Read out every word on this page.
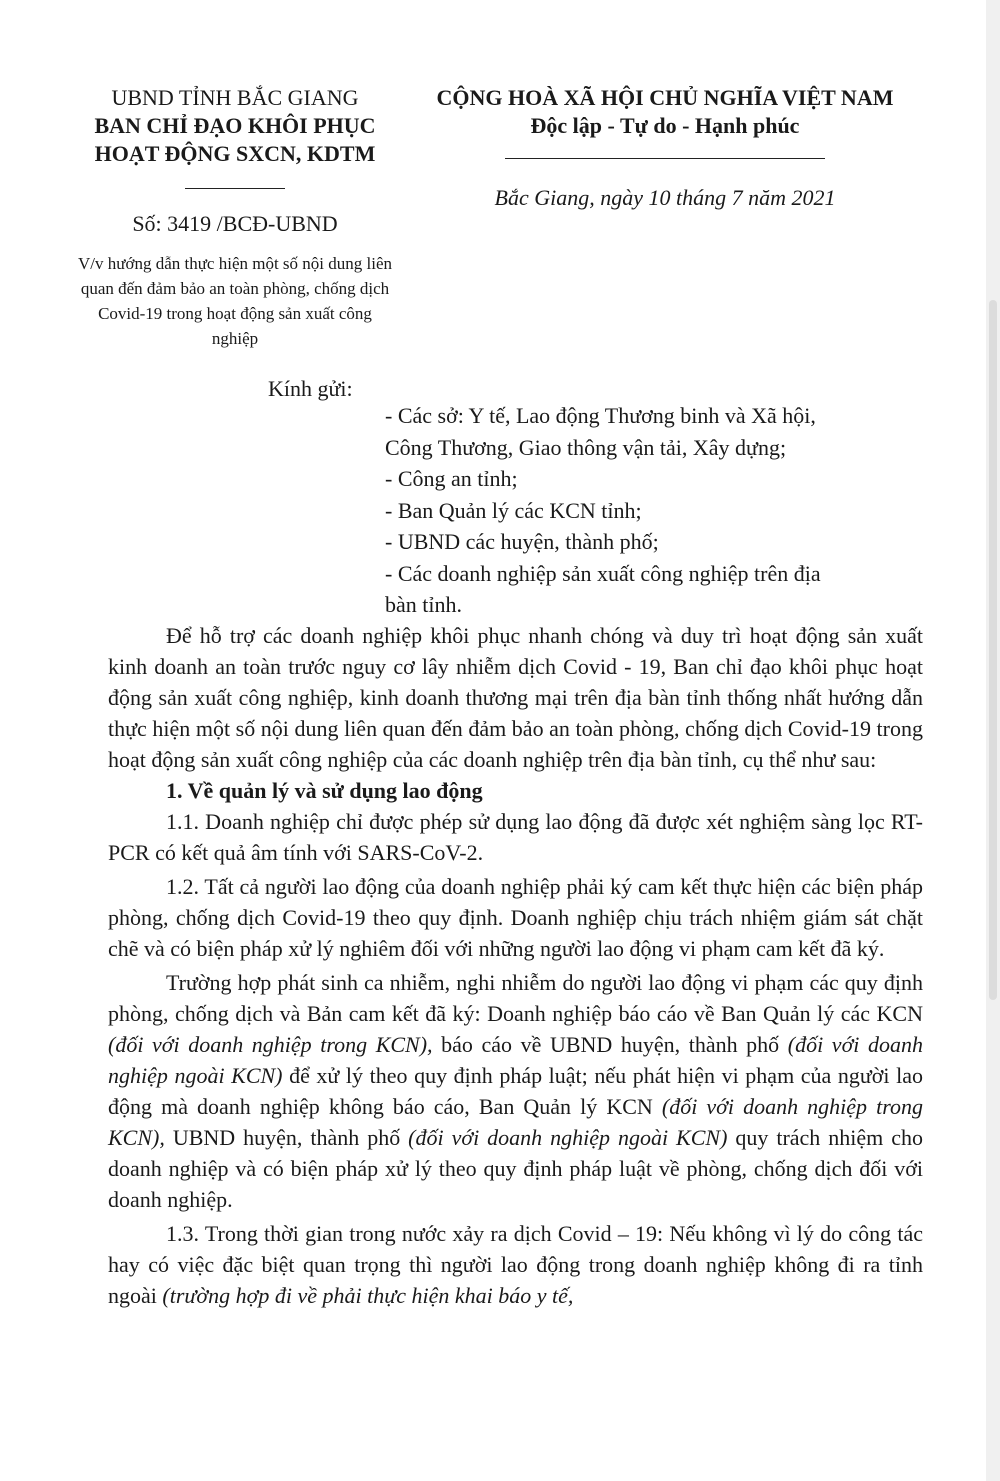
UBND TỈNH BẮC GIANG
BAN CHỈ ĐẠO KHÔI PHỤC
HOẠT ĐỘNG SXCN, KDTM
Số: 3419 /BCĐ-UBND
V/v hướng dẫn thực hiện một số nội dung liên quan đến đảm bảo an toàn phòng, chống dịch Covid-19 trong hoạt động sản xuất công nghiệp
CỘNG HOÀ XÃ HỘI CHỦ NGHĨA VIỆT NAM
Độc lập - Tự do - Hạnh phúc
Bắc Giang, ngày 10 tháng 7 năm 2021
Kính gửi:
- Các sở: Y tế, Lao động Thương binh và Xã hội,
Công Thương, Giao thông vận tải, Xây dựng;
- Công an tỉnh;
- Ban Quản lý các KCN tỉnh;
- UBND các huyện, thành phố;
- Các doanh nghiệp sản xuất công nghiệp trên địa
bàn tỉnh.

Để hỗ trợ các doanh nghiệp khôi phục nhanh chóng và duy trì hoạt động sản xuất kinh doanh an toàn trước nguy cơ lây nhiễm dịch Covid - 19, Ban chỉ đạo khôi phục hoạt động sản xuất công nghiệp, kinh doanh thương mại trên địa bàn tỉnh thống nhất hướng dẫn thực hiện một số nội dung liên quan đến đảm bảo an toàn phòng, chống dịch Covid-19 trong hoạt động sản xuất công nghiệp của các doanh nghiệp trên địa bàn tỉnh, cụ thể như sau:

1. Về quản lý và sử dụng lao động

1.1. Doanh nghiệp chỉ được phép sử dụng lao động đã được xét nghiệm sàng lọc RT-PCR có kết quả âm tính với SARS-CoV-2.

1.2. Tất cả người lao động của doanh nghiệp phải ký cam kết thực hiện các biện pháp phòng, chống dịch Covid-19 theo quy định. Doanh nghiệp chịu trách nhiệm giám sát chặt chẽ và có biện pháp xử lý nghiêm đối với những người lao động vi phạm cam kết đã ký.

Trường hợp phát sinh ca nhiễm, nghi nhiễm do người lao động vi phạm các quy định phòng, chống dịch và Bản cam kết đã ký: Doanh nghiệp báo cáo về Ban Quản lý các KCN (đối với doanh nghiệp trong KCN), báo cáo về UBND huyện, thành phố (đối với doanh nghiệp ngoài KCN) để xử lý theo quy định pháp luật; nếu phát hiện vi phạm của người lao động mà doanh nghiệp không báo cáo, Ban Quản lý KCN (đối với doanh nghiệp trong KCN), UBND huyện, thành phố (đối với doanh nghiệp ngoài KCN) quy trách nhiệm cho doanh nghiệp và có biện pháp xử lý theo quy định pháp luật về phòng, chống dịch đối với doanh nghiệp.

1.3. Trong thời gian trong nước xảy ra dịch Covid – 19: Nếu không vì lý do công tác hay có việc đặc biệt quan trọng thì người lao động trong doanh nghiệp không đi ra tỉnh ngoài (trường hợp đi về phải thực hiện khai báo y tế,
